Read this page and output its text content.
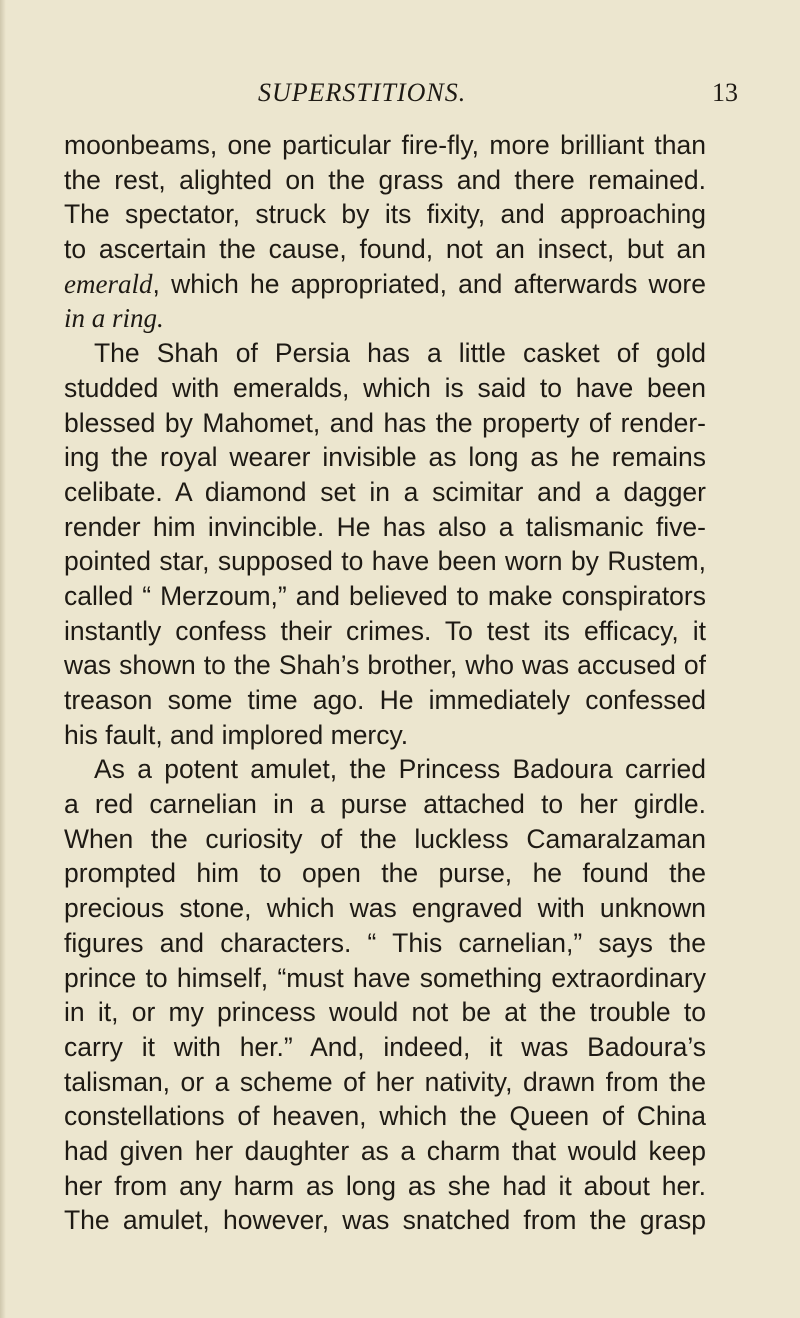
SUPERSTITIONS.	13
moonbeams, one particular fire-fly, more brilliant than
the rest, alighted on the grass and there remained.
The spectator, struck by its fixity, and approaching
to ascertain the cause, found, not an insect, but an
emerald, which he appropriated, and afterwards wore
in a ring.
The Shah of Persia has a little casket of gold
studded with emeralds, which is said to have been
blessed by Mahomet, and has the property of render-
ing the royal wearer invisible as long as he remains
celibate. A diamond set in a scimitar and a dagger
render him invincible. He has also a talismanic five-
pointed star, supposed to have been worn by Rustem,
called “ Merzoum,” and believed to make conspirators
instantly confess their crimes. To test its efficacy, it
was shown to the Shah’s brother, who was accused of
treason some time ago. He immediately confessed
his fault, and implored mercy.
As a potent amulet, the Princess Badoura carried
a red carnelian in a purse attached to her girdle.
When the curiosity of the luckless Camaralzaman
prompted him to open the purse, he found the
precious stone, which was engraved with unknown
figures and characters. “ This carnelian,” says the
prince to himself, “must have something extraordinary
in it, or my princess would not be at the trouble to
carry it with her.” And, indeed, it was Badoura’s
talisman, or a scheme of her nativity, drawn from the
constellations of heaven, which the Queen of China
had given her daughter as a charm that would keep
her from any harm as long as she had it about her.
The amulet, however, was snatched from the grasp
